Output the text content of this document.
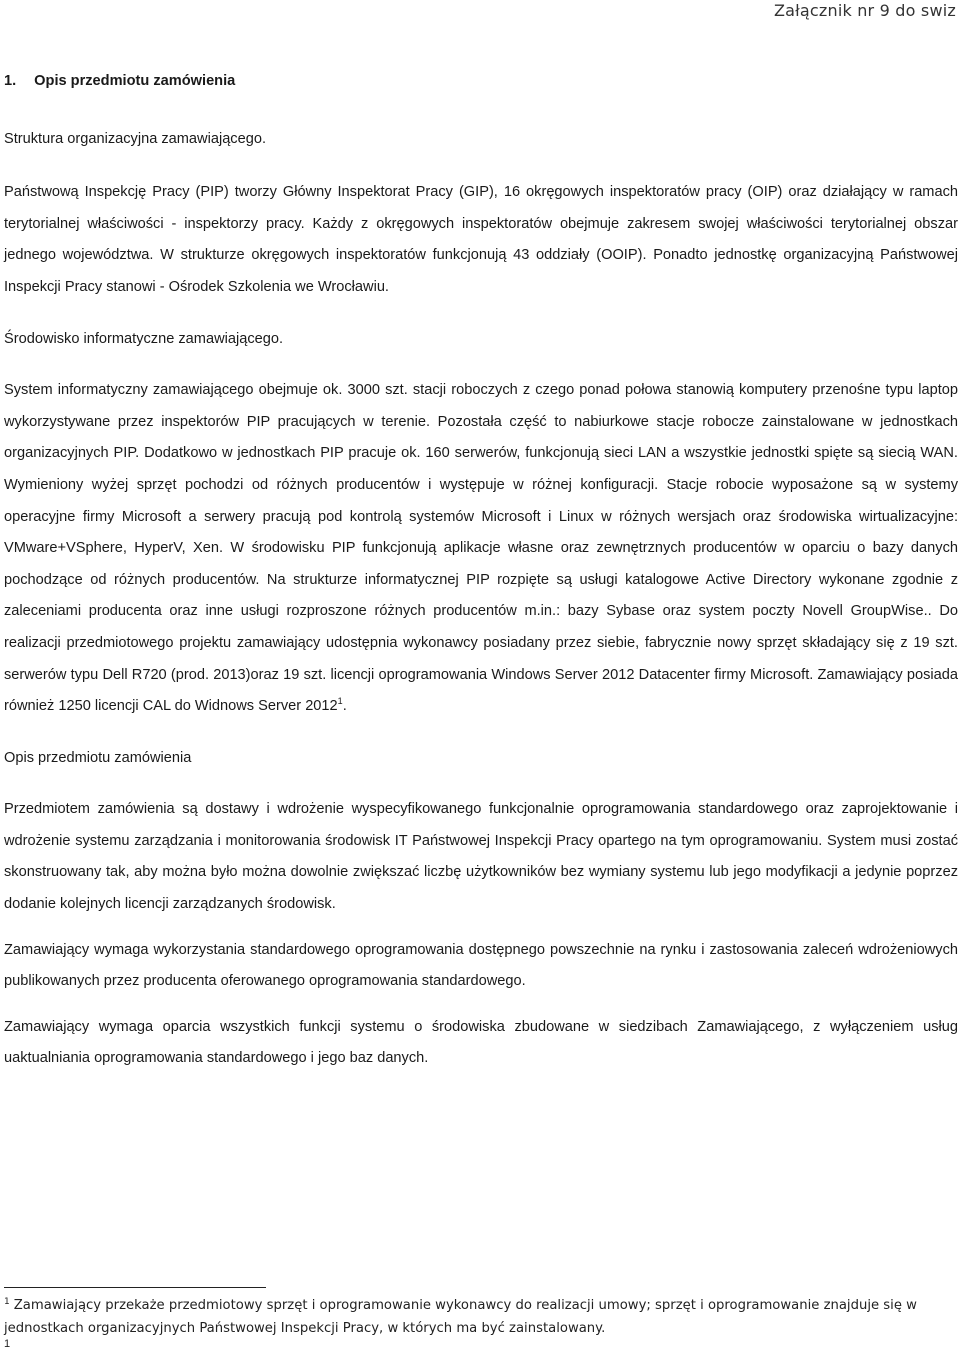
Załącznik nr 9 do swiz

1. Opis przedmiotu zamówienia

Struktura organizacyjna zamawiającego.

Państwową Inspekcję Pracy (PIP) tworzy Główny Inspektorat Pracy (GIP), 16 okręgowych inspektoratów pracy (OIP) oraz działający w ramach terytorialnej właściwości - inspektorzy pracy. Każdy z okręgowych inspektoratów obejmuje zakresem swojej właściwości terytorialnej obszar jednego województwa. W strukturze okręgowych inspektoratów funkcjonują 43 oddziały (OOIP). Ponadto jednostkę organizacyjną Państwowej Inspekcji Pracy stanowi - Ośrodek Szkolenia we Wrocławiu.

Środowisko informatyczne zamawiającego.

System informatyczny zamawiającego obejmuje ok. 3000 szt. stacji roboczych z czego ponad połowa stanowią komputery przenośne typu laptop wykorzystywane przez inspektorów PIP pracujących w terenie. Pozostała część to nabiurkowe stacje robocze zainstalowane w jednostkach organizacyjnych PIP. Dodatkowo w jednostkach PIP pracuje ok. 160 serwerów, funkcjonują sieci LAN a wszystkie jednostki spięte są siecią WAN. Wymieniony wyżej sprzęt pochodzi od różnych producentów i występuje w różnej konfiguracji. Stacje robocie wyposażone są w systemy operacyjne firmy Microsoft a serwery pracują pod kontrolą systemów Microsoft i Linux w różnych wersjach oraz środowiska wirtualizacyjne: VMware+VSphere, HyperV, Xen. W środowisku PIP funkcjonują aplikacje własne oraz zewnętrznych producentów w oparciu o bazy danych pochodzące od różnych producentów. Na strukturze informatycznej PIP rozpięte są usługi katalogowe Active Directory wykonane zgodnie z zaleceniami producenta oraz inne usługi rozproszone różnych producentów m.in.: bazy Sybase oraz system poczty Novell GroupWise.. Do realizacji przedmiotowego projektu zamawiający udostępnia wykonawcy posiadany przez siebie, fabrycznie nowy sprzęt składający się z 19 szt. serwerów typu Dell R720 (prod. 2013)oraz 19 szt. licencji oprogramowania Windows Server 2012 Datacenter firmy Microsoft. Zamawiający posiada również 1250 licencji CAL do Widnows Server 2012$^1$.

Opis przedmiotu zamówienia

Przedmiotem zamówienia są dostawy i wdrożenie wyspecyfikowanego funkcjonalnie oprogramowania standardowego oraz zaprojektowanie i wdrożenie systemu zarządzania i monitorowania środowisk IT Państwowej Inspekcji Pracy opartego na tym oprogramowaniu. System musi zostać skonstruowany tak, aby można było można dowolnie zwiększać liczbę użytkowników bez wymiany systemu lub jego modyfikacji a jedynie poprzez dodanie kolejnych licencji zarządzanych środowisk.

Zamawiający wymaga wykorzystania standardowego oprogramowania dostępnego powszechnie na rynku i zastosowania zaleceń wdrożeniowych publikowanych przez producenta oferowanego oprogramowania standardowego.

Zamawiający wymaga oparcia wszystkich funkcji systemu o środowiska zbudowane w siedzibach Zamawiającego, z wyłączeniem usług uaktualniania oprogramowania standardowego i jego baz danych.

$^1$ Zamawiający przekaże przedmiotowy sprzęt i oprogramowanie wykonawcy do realizacji umowy; sprzęt i oprogramowanie znajduje się w jednostkach organizacyjnych Państwowej Inspekcji Pracy, w których ma być zainstalowany.
1
